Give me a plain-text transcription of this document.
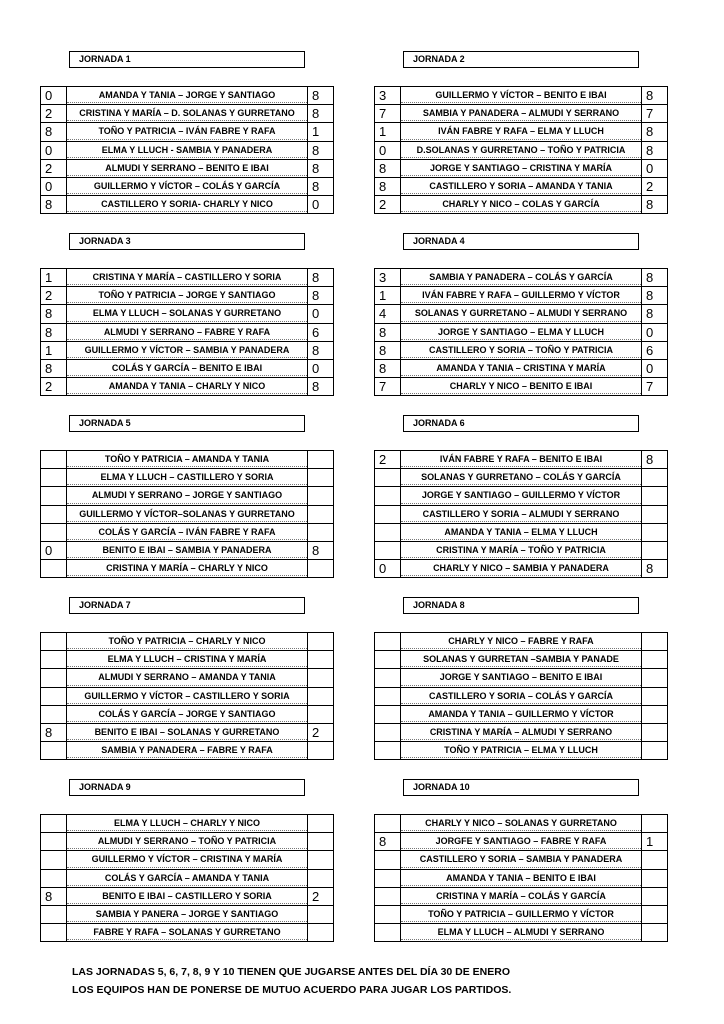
JORNADA 1
0	AMANDA Y TANIA – JORGE Y SANTIAGO	8
2	CRISTINA Y MARÍA – D. SOLANAS Y GURRETANO	8
8	TOÑO Y PATRICIA – IVÁN FABRE Y RAFA	1
0	ELMA Y LLUCH - SAMBIA Y PANADERA	8
2	ALMUDI Y SERRANO – BENITO E IBAI	8
0	GUILLERMO Y VÍCTOR – COLÁS Y GARCÍA	8
8	CASTILLERO Y SORIA- CHARLY Y NICO	0
JORNADA 2
3	GUILLERMO Y VÍCTOR – BENITO E IBAI	8
7	SAMBIA Y PANADERA – ALMUDI Y SERRANO	7
1	IVÁN FABRE Y RAFA – ELMA Y LLUCH	8
0	D.SOLANAS Y GURRETANO – TOÑO Y PATRICIA	8
8	JORGE Y SANTIAGO – CRISTINA Y MARÍA	0
8	CASTILLERO Y SORIA – AMANDA Y TANIA	2
2	CHARLY Y NICO – COLAS Y GARCÍA	8
JORNADA 3
1	CRISTINA Y MARÍA – CASTILLERO Y SORIA	8
2	TOÑO Y PATRICIA – JORGE Y SANTIAGO	8
8	ELMA Y LLUCH – SOLANAS Y GURRETANO	0
8	ALMUDI Y SERRANO – FABRE Y RAFA	6
1	GUILLERMO Y VÍCTOR – SAMBIA Y PANADERA	8
8	COLÁS Y GARCÍA – BENITO E IBAI	0
2	AMANDA Y TANIA – CHARLY Y NICO	8
JORNADA 4
3	SAMBIA Y PANADERA – COLÁS Y GARCÍA	8
1	IVÁN FABRE Y RAFA – GUILLERMO Y VÍCTOR	8
4	SOLANAS Y GURRETANO – ALMUDI Y SERRANO	8
8	JORGE Y SANTIAGO – ELMA Y LLUCH	0
8	CASTILLERO Y SORIA – TOÑO Y PATRICIA	6
8	AMANDA Y TANIA – CRISTINA Y MARÍA	0
7	CHARLY Y NICO – BENITO E IBAI	7
JORNADA 5
TOÑO Y PATRICIA – AMANDA Y TANIA
ELMA Y LLUCH – CASTILLERO Y SORIA
ALMUDI Y SERRANO – JORGE Y SANTIAGO
GUILLERMO Y VÍCTOR–SOLANAS Y GURRETANO
COLÁS Y GARCÍA – IVÁN FABRE Y RAFA
0	BENITO E IBAI – SAMBIA Y PANADERA	8
CRISTINA Y MARÍA – CHARLY Y NICO
JORNADA 6
2	IVÁN FABRE Y RAFA – BENITO E IBAI	8
SOLANAS Y GURRETANO – COLÁS Y GARCÍA
JORGE Y SANTIAGO – GUILLERMO Y VÍCTOR
CASTILLERO Y SORIA – ALMUDI Y SERRANO
AMANDA Y TANIA – ELMA Y LLUCH
CRISTINA Y MARÍA – TOÑO Y PATRICIA
0	CHARLY Y NICO – SAMBIA Y PANADERA	8
JORNADA 7
TOÑO Y PATRICIA – CHARLY Y NICO
ELMA Y LLUCH – CRISTINA Y MARÍA
ALMUDI Y SERRANO – AMANDA Y TANIA
GUILLERMO Y VÍCTOR – CASTILLERO Y SORIA
COLÁS Y GARCÍA – JORGE Y SANTIAGO
8	BENITO E IBAI – SOLANAS Y GURRETANO	2
SAMBIA Y PANADERA – FABRE Y RAFA
JORNADA 8
CHARLY Y NICO – FABRE Y RAFA
SOLANAS Y GURRETAN –SAMBIA Y PANADE
JORGE Y SANTIAGO – BENITO E IBAI
CASTILLERO Y SORIA – COLÁS Y GARCÍA
AMANDA Y TANIA – GUILLERMO Y VÍCTOR
CRISTINA Y MARÍA – ALMUDI Y SERRANO
TOÑO Y PATRICIA – ELMA Y LLUCH
JORNADA 9
ELMA Y LLUCH – CHARLY Y NICO
ALMUDI Y SERRANO – TOÑO Y PATRICIA
GUILLERMO Y VÍCTOR – CRISTINA Y MARÍA
COLÁS Y GARCÍA – AMANDA Y TANIA
8	BENITO E IBAI – CASTILLERO Y SORIA	2
SAMBIA Y PANERA – JORGE Y SANTIAGO
FABRE Y RAFA – SOLANAS Y GURRETANO
JORNADA 10
CHARLY Y NICO – SOLANAS Y GURRETANO
8	JORGFE Y SANTIAGO – FABRE Y RAFA	1
CASTILLERO Y SORIA – SAMBIA Y PANADERA
AMANDA Y TANIA – BENITO E IBAI
CRISTINA Y MARÍA – COLÁS Y GARCÍA
TOÑO Y PATRICIA – GUILLERMO Y VÍCTOR
ELMA Y LLUCH – ALMUDI Y SERRANO
LAS JORNADAS 5, 6, 7, 8, 9 Y 10 TIENEN QUE JUGARSE ANTES DEL DÍA 30 DE ENERO
LOS EQUIPOS HAN DE PONERSE DE MUTUO ACUERDO PARA JUGAR LOS PARTIDOS.
